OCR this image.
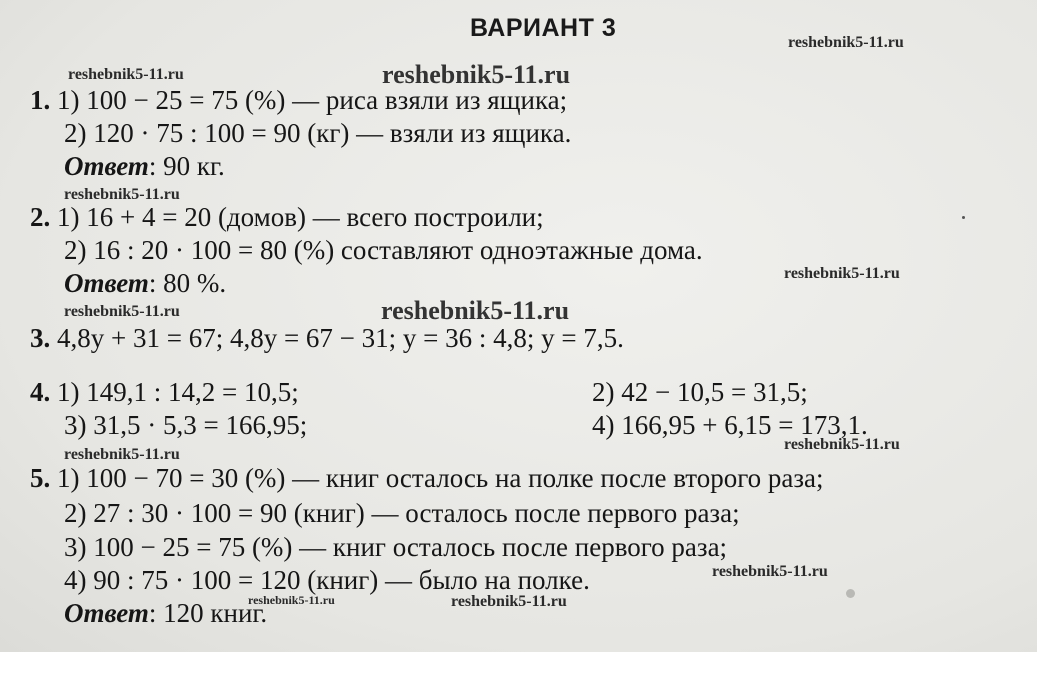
ВАРИАНТ 3
1. 1) 100 − 25 = 75 (%) — риса взяли из ящика;
2) 120 · 75 : 100 = 90 (кг) — взяли из ящика.
Ответ: 90 кг.
2. 1) 16 + 4 = 20 (домов) — всего построили;
2) 16 : 20 · 100 = 80 (%) составляют одноэтажные дома.
Ответ: 80 %.
3. 4,8y + 31 = 67; 4,8y = 67 − 31; y = 36 : 4,8; y = 7,5.
4. 1) 149,1 : 14,2 = 10,5;	2) 42 − 10,5 = 31,5;
3) 31,5 · 5,3 = 166,95;	4) 166,95 + 6,15 = 173,1.
5. 1) 100 − 70 = 30 (%) — книг осталось на полке после второго раза;
2) 27 : 30 · 100 = 90 (книг) — осталось после первого раза;
3) 100 − 25 = 75 (%) — книг осталось после первого раза;
4) 90 : 75 · 100 = 120 (книг) — было на полке.
Ответ: 120 книг.
reshebnik5-11.ru
reshebnik5-11.ru	reshebnik5-11.ru
reshebnik5-11.ru
reshebnik5-11.ru
reshebnik5-11.ru	reshebnik5-11.ru
reshebnik5-11.ru
reshebnik5-11.ru
reshebnik5-11.ru
reshebnik5-11.ru	reshebnik5-11.ru
